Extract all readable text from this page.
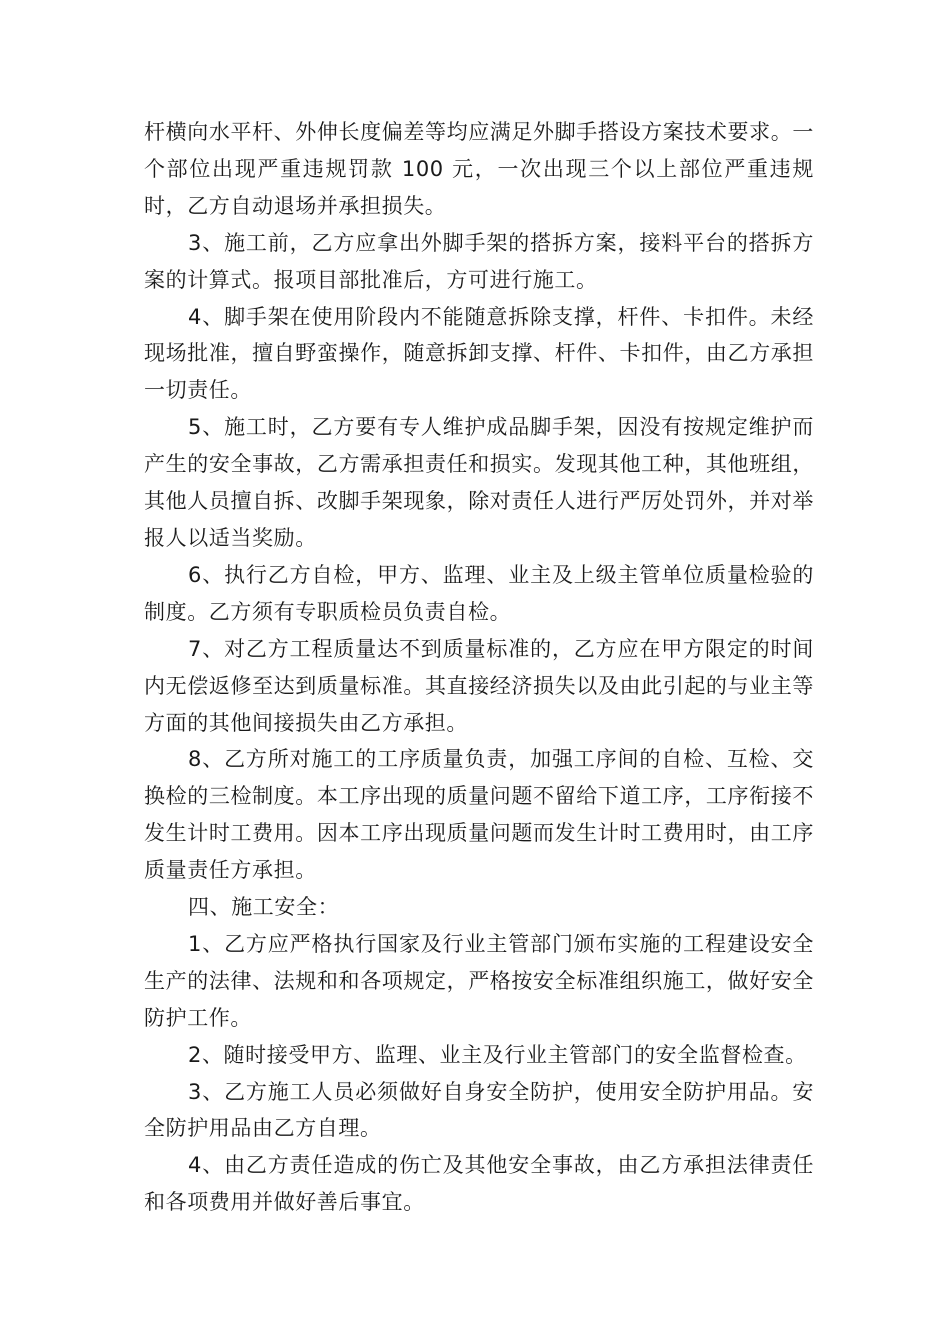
杆横向水平杆、外伸长度偏差等均应满足外脚手搭设方案技术要求。一个部位出现严重违规罚款 100 元，一次出现三个以上部位严重违规时，乙方自动退场并承担损失。

3、施工前，乙方应拿出外脚手架的搭拆方案，接料平台的搭拆方案的计算式。报项目部批准后，方可进行施工。

4、脚手架在使用阶段内不能随意拆除支撑，杆件、卡扣件。未经现场批准，擅自野蛮操作，随意拆卸支撑、杆件、卡扣件，由乙方承担一切责任。

5、施工时，乙方要有专人维护成品脚手架，因没有按规定维护而产生的安全事故，乙方需承担责任和损实。发现其他工种，其他班组，其他人员擅自拆、改脚手架现象，除对责任人进行严厉处罚外，并对举报人以适当奖励。

6、执行乙方自检，甲方、监理、业主及上级主管单位质量检验的制度。乙方须有专职质检员负责自检。

7、对乙方工程质量达不到质量标准的，乙方应在甲方限定的时间内无偿返修至达到质量标准。其直接经济损失以及由此引起的与业主等方面的其他间接损失由乙方承担。

8、乙方所对施工的工序质量负责，加强工序间的自检、互检、交换检的三检制度。本工序出现的质量问题不留给下道工序，工序衔接不发生计时工费用。因本工序出现质量问题而发生计时工费用时，由工序质量责任方承担。

四、施工安全：

1、乙方应严格执行国家及行业主管部门颁布实施的工程建设安全生产的法律、法规和和各项规定，严格按安全标准组织施工，做好安全防护工作。

2、随时接受甲方、监理、业主及行业主管部门的安全监督检查。

3、乙方施工人员必须做好自身安全防护，使用安全防护用品。安全防护用品由乙方自理。

4、由乙方责任造成的伤亡及其他安全事故，由乙方承担法律责任和各项费用并做好善后事宜。
